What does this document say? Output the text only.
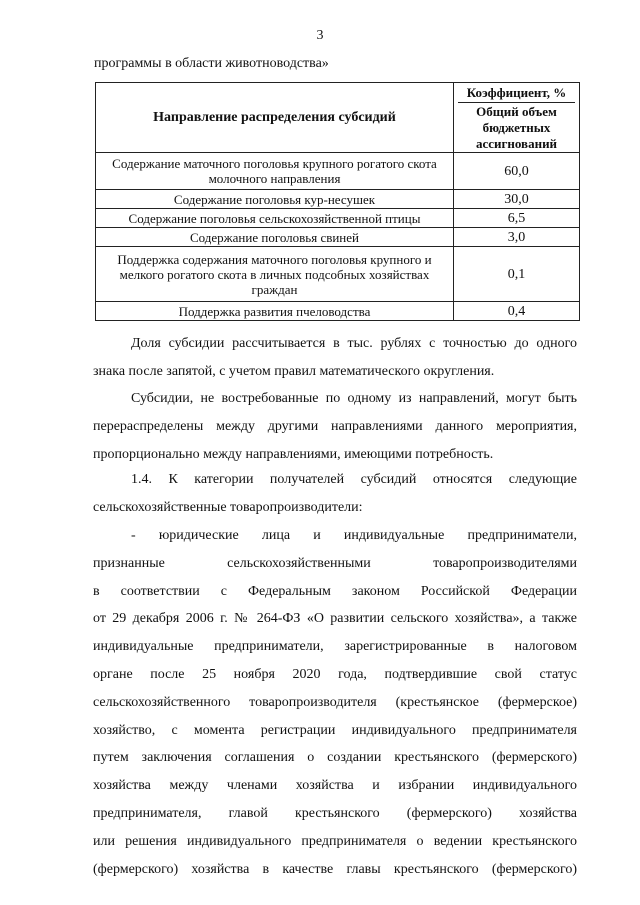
3
программы в области животноводства»
Направление распределения субсидий	Коэффициент, %
Общий объем бюджетных ассигнований

Содержание маточного поголовья крупного рогатого скота молочного направления	60,0
Содержание поголовья кур-несушек	30,0
Содержание поголовья сельскохозяйственной птицы	6,5
Содержание поголовья свиней	3,0
Поддержка содержания маточного поголовья крупного и мелкого рогатого скота в личных подсобных хозяйствах граждан	0,1
Поддержка развития пчеловодства	0,4
Доля субсидии рассчитывается в тыс. рублях с точностью до одного
знака после запятой, с учетом правил математического округления.
Субсидии, не востребованные по одному из направлений, могут быть
перераспределены между другими направлениями данного мероприятия,
пропорционально между направлениями, имеющими потребность.
1.4. К категории получателей субсидий относятся следующие
сельскохозяйственные товаропроизводители:
- юридические лица и индивидуальные предприниматели,
признанные сельскохозяйственными товаропроизводителями
в соответствии с Федеральным законом Российской Федерации
от 29 декабря 2006 г. № 264-ФЗ «О развитии сельского хозяйства», а также
индивидуальные предприниматели, зарегистрированные в налоговом
органе после 25 ноября 2020 года, подтвердившие свой статус
сельскохозяйственного товаропроизводителя (крестьянское (фермерское)
хозяйство, с момента регистрации индивидуального предпринимателя
путем заключения соглашения о создании крестьянского (фермерского)
хозяйства между членами хозяйства и избрании индивидуального
предпринимателя, главой крестьянского (фермерского) хозяйства
или решения индивидуального предпринимателя о ведении крестьянского
(фермерского) хозяйства в качестве главы крестьянского (фермерского)
